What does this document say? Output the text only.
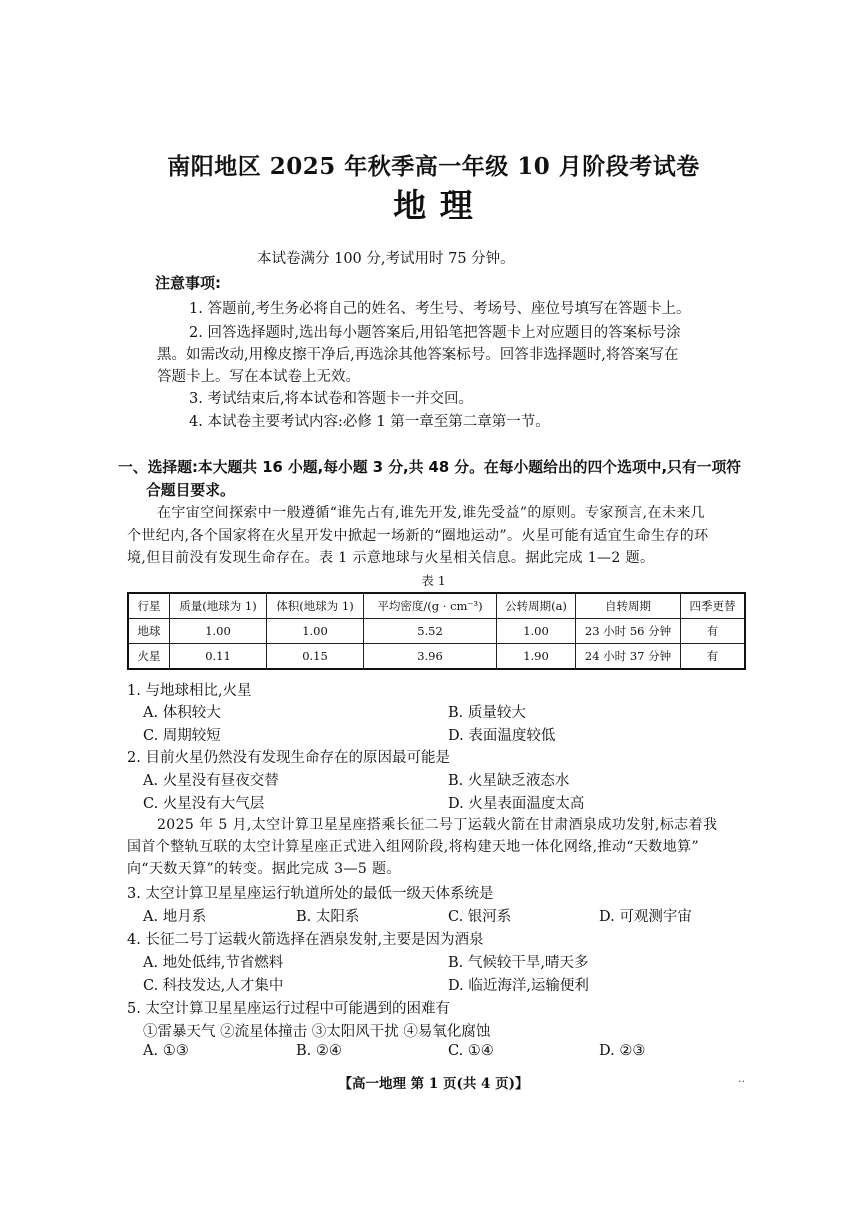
南阳地区 2025 年秋季高一年级 10 月阶段考试卷
地 理
本试卷满分 100 分,考试用时 75 分钟。
注意事项:
1. 答题前,考生务必将自己的姓名、考生号、考场号、座位号填写在答题卡上。
2. 回答选择题时,选出每小题答案后,用铅笔把答题卡上对应题目的答案标号涂
黑。如需改动,用橡皮擦干净后,再选涂其他答案标号。回答非选择题时,将答案写在
答题卡上。写在本试卷上无效。
3. 考试结束后,将本试卷和答题卡一并交回。
4. 本试卷主要考试内容:必修 1 第一章至第二章第一节。
一、选择题:本大题共 16 小题,每小题 3 分,共 48 分。在每小题给出的四个选项中,只有一项符
合题目要求。
在宇宙空间探索中一般遵循“谁先占有,谁先开发,谁先受益”的原则。专家预言,在未来几
个世纪内,各个国家将在火星开发中掀起一场新的“圈地运动”。火星可能有适宜生命生存的环
境,但目前没有发现生命存在。表 1 示意地球与火星相关信息。据此完成 1—2 题。
表 1
行星	质量(地球为 1)	体积(地球为 1)	平均密度/(g · cm⁻³)	公转周期(a)	自转周期	四季更替
地球	1.00	1.00	5.52	1.00	23 小时 56 分钟	有
火星	0.11	0.15	3.96	1.90	24 小时 37 分钟	有
1. 与地球相比,火星
A. 体积较大	B. 质量较大
C. 周期较短	D. 表面温度较低
2. 目前火星仍然没有发现生命存在的原因最可能是
A. 火星没有昼夜交替	B. 火星缺乏液态水
C. 火星没有大气层	D. 火星表面温度太高
2025 年 5 月,太空计算卫星星座搭乘长征二号丁运载火箭在甘肃酒泉成功发射,标志着我
国首个整轨互联的太空计算星座正式进入组网阶段,将构建天地一体化网络,推动“天数地算”
向“天数天算”的转变。据此完成 3—5 题。
3. 太空计算卫星星座运行轨道所处的最低一级天体系统是
A. 地月系	B. 太阳系	C. 银河系	D. 可观测宇宙
4. 长征二号丁运载火箭选择在酒泉发射,主要是因为酒泉
A. 地处低纬,节省燃料	B. 气候较干旱,晴天多
C. 科技发达,人才集中	D. 临近海洋,运输便利
5. 太空计算卫星星座运行过程中可能遇到的困难有
①雷暴天气 ②流星体撞击 ③太阳风干扰 ④易氧化腐蚀
A. ①③	B. ②④	C. ①④	D. ②③
【高一地理 第 1 页(共 4 页)】	..
